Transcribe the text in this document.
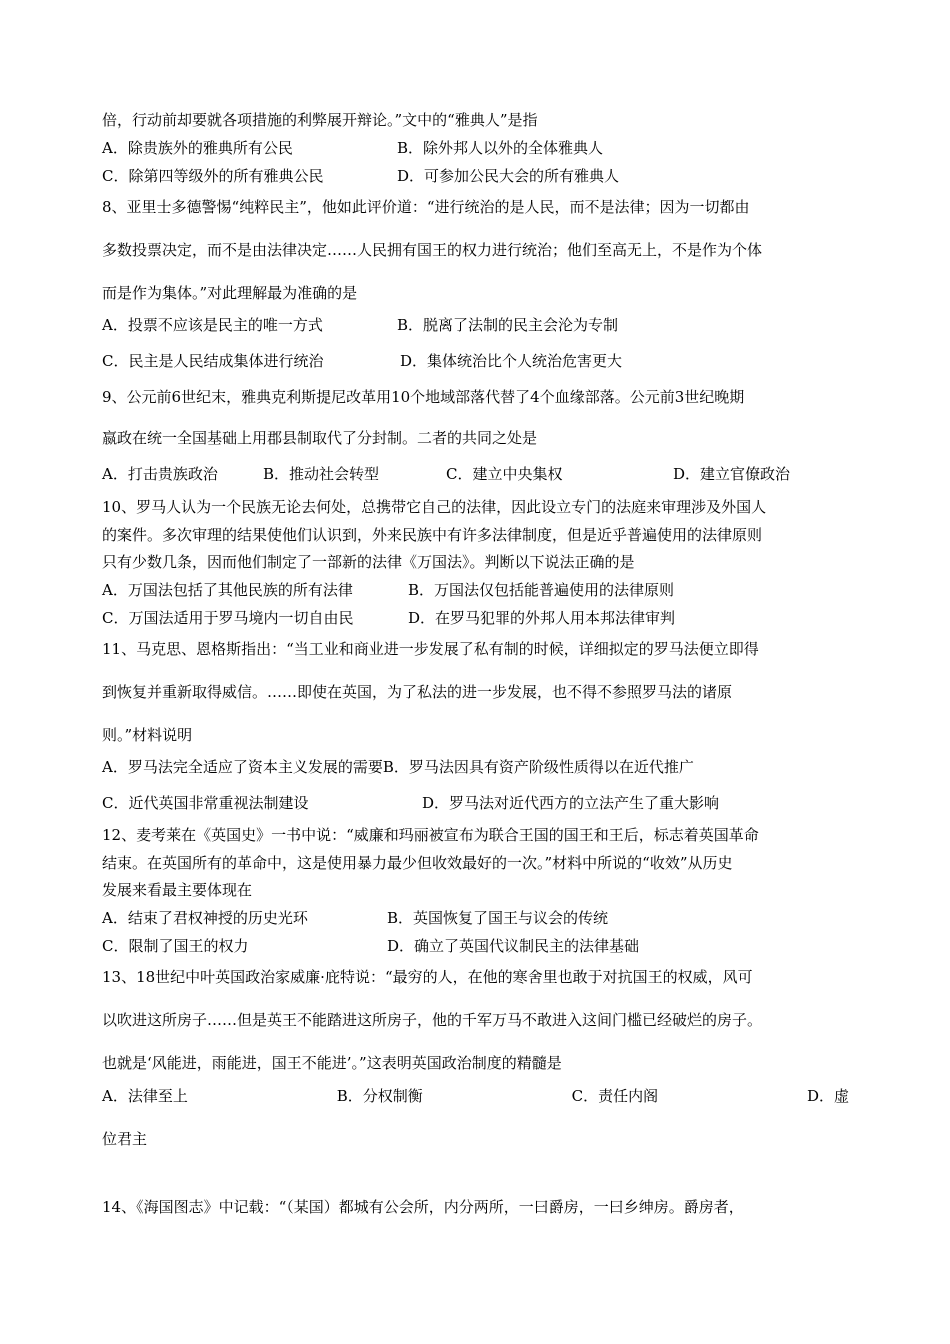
倍，行动前却要就各项措施的利弊展开辩论。”文中的“雅典人”是指
A．除贵族外的雅典所有公民	B．除外邦人以外的全体雅典人
C．除第四等级外的所有雅典公民	D．可参加公民大会的所有雅典人
8、亚里士多德警惕“纯粹民主”，他如此评价道：“进行统治的是人民，而不是法律；因为一切都由
多数投票决定，而不是由法律决定……人民拥有国王的权力进行统治；他们至高无上，不是作为个体
而是作为集体。”对此理解最为准确的是
A．投票不应该是民主的唯一方式	B．脱离了法制的民主会沦为专制
C．民主是人民结成集体进行统治	D．集体统治比个人统治危害更大
9、公元前6世纪末，雅典克利斯提尼改革用10个地域部落代替了4个血缘部落。公元前3世纪晚期
嬴政在统一全国基础上用郡县制取代了分封制。二者的共同之处是
A．打击贵族政治	B．推动社会转型	C．建立中央集权	D．建立官僚政治
10、罗马人认为一个民族无论去何处，总携带它自己的法律，因此设立专门的法庭来审理涉及外国人
的案件。多次审理的结果使他们认识到，外来民族中有许多法律制度，但是近乎普遍使用的法律原则
只有少数几条，因而他们制定了一部新的法律《万国法》。判断以下说法正确的是
A．万国法包括了其他民族的所有法律	B．万国法仅包括能普遍使用的法律原则
C．万国法适用于罗马境内一切自由民	D．在罗马犯罪的外邦人用本邦法律审判
11、马克思、恩格斯指出：“当工业和商业进一步发展了私有制的时候，详细拟定的罗马法便立即得
到恢复并重新取得威信。……即使在英国，为了私法的进一步发展，也不得不参照罗马法的诸原
则。”材料说明
A．罗马法完全适应了资本主义发展的需要B．罗马法因具有资产阶级性质得以在近代推广
C．近代英国非常重视法制建设	D．罗马法对近代西方的立法产生了重大影响
12、麦考莱在《英国史》一书中说：“威廉和玛丽被宣布为联合王国的国王和王后，标志着英国革命
结束。在英国所有的革命中，这是使用暴力最少但收效最好的一次。”材料中所说的“收效”从历史
发展来看最主要体现在
A．结束了君权神授的历史光环	B．英国恢复了国王与议会的传统
C．限制了国王的权力	D．确立了英国代议制民主的法律基础
13、18世纪中叶英国政治家威廉·庇特说：“最穷的人，在他的寒舍里也敢于对抗国王的权威，风可
以吹进这所房子……但是英王不能踏进这所房子，他的千军万马不敢进入这间门槛已经破烂的房子。
也就是‘风能进，雨能进，国王不能进’。”这表明英国政治制度的精髓是
A．法律至上	B．分权制衡	C．责任内阁	D．虚
位君主
14、《海国图志》中记载：“（某国）都城有公会所，内分两所，一曰爵房，一曰乡绅房。爵房者，
